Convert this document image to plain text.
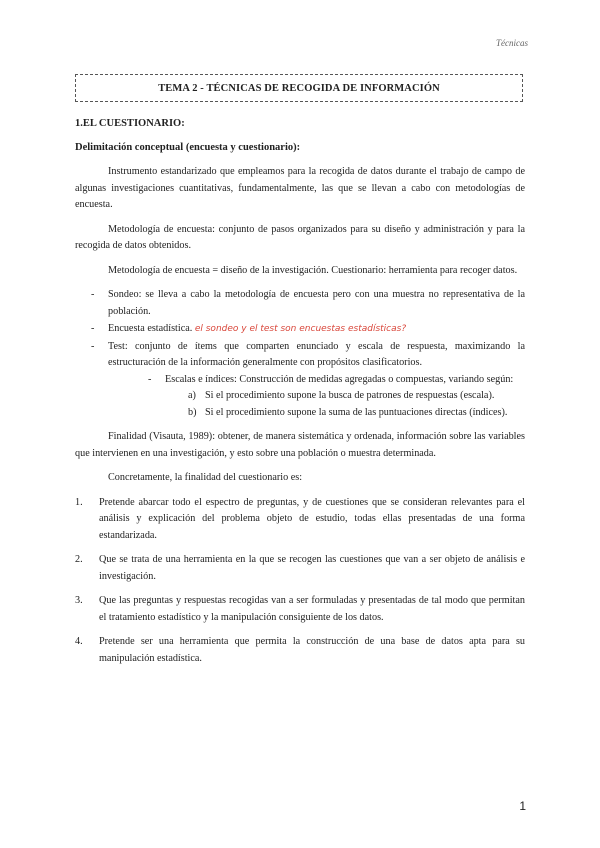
Técnicas
TEMA 2 - TÉCNICAS DE RECOGIDA DE INFORMACIÓN
1.EL CUESTIONARIO:
Delimitación conceptual (encuesta y cuestionario):

Instrumento estandarizado que empleamos para la recogida de datos durante el trabajo de campo de algunas investigaciones cuantitativas, fundamentalmente, las que se llevan a cabo con metodologías de encuesta.

Metodología de encuesta: conjunto de pasos organizados para su diseño y administración y para la recogida de datos obtenidos.

Metodología de encuesta = diseño de la investigación. Cuestionario: herramienta para recoger datos.

- Sondeo: se lleva a cabo la metodología de encuesta pero con una muestra no representativa de la población.
- Encuesta estadística. el sondeo y el test son encuestas estadísticas?
- Test: conjunto de ítems que comparten enunciado y escala de respuesta, maximizando la estructuración de la información generalmente con propósitos clasificatorios.
- Escalas e índices: Construcción de medidas agregadas o compuestas, variando según:
a) Si el procedimiento supone la busca de patrones de respuestas (escala).
b) Si el procedimiento supone la suma de las puntuaciones directas (índices).

Finalidad (Visauta, 1989): obtener, de manera sistemática y ordenada, información sobre las variables que intervienen en una investigación, y esto sobre una población o muestra determinada.

Concretamente, la finalidad del cuestionario es:

1. Pretende abarcar todo el espectro de preguntas, y de cuestiones que se consideran relevantes para el análisis y explicación del problema objeto de estudio, todas ellas presentadas de una forma estandarizada.
2. Que se trata de una herramienta en la que se recogen las cuestiones que van a ser objeto de análisis e investigación.
3. Que las preguntas y respuestas recogidas van a ser formuladas y presentadas de tal modo que permitan el tratamiento estadístico y la manipulación consiguiente de los datos.
4. Pretende ser una herramienta que permita la construcción de una base de datos apta para su manipulación estadística.
1
